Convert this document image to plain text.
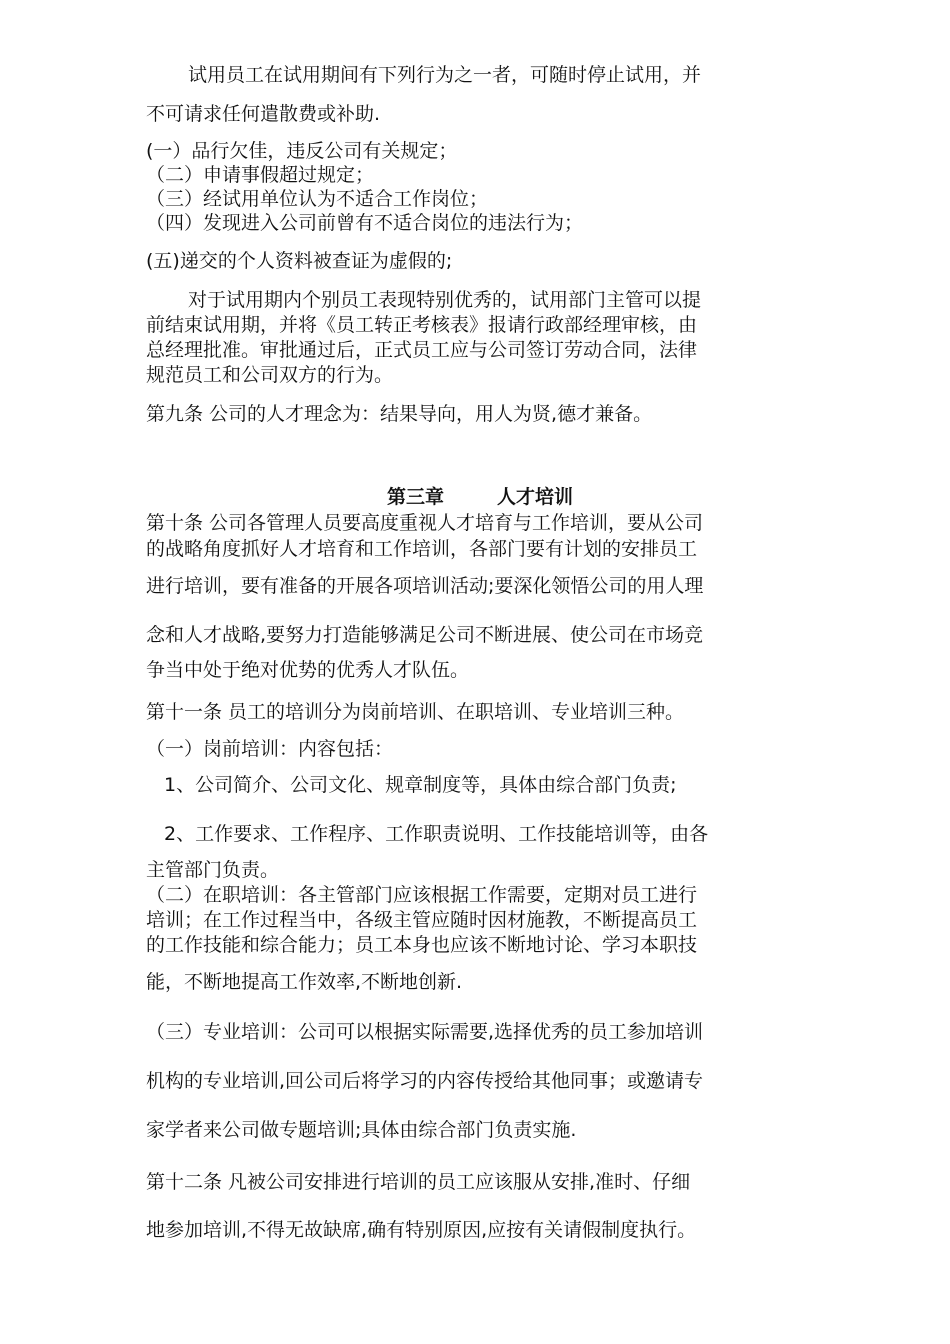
试用员工在试用期间有下列行为之一者，可随时停止试用，并
不可请求任何遣散费或补助.
(一）品行欠佳，违反公司有关规定；
（二）申请事假超过规定；
（三）经试用单位认为不适合工作岗位；
（四）发现进入公司前曾有不适合岗位的违法行为；
(五)递交的个人资料被查证为虚假的;
对于试用期内个别员工表现特别优秀的，试用部门主管可以提
前结束试用期，并将《员工转正考核表》报请行政部经理审核，由
总经理批准。审批通过后，正式员工应与公司签订劳动合同，法律
规范员工和公司双方的行为。
第九条 公司的人才理念为：结果导向，用人为贤,德才兼备。
第三章        人才培训
第十条 公司各管理人员要高度重视人才培育与工作培训，要从公司
的战略角度抓好人才培育和工作培训，各部门要有计划的安排员工
进行培训，要有准备的开展各项培训活动;要深化领悟公司的用人理
念和人才战略,要努力打造能够满足公司不断进展、使公司在市场竞
争当中处于绝对优势的优秀人才队伍。
第十一条 员工的培训分为岗前培训、在职培训、专业培训三种。
（一）岗前培训：内容包括：
1、公司简介、公司文化、规章制度等，具体由综合部门负责;
2、工作要求、工作程序、工作职责说明、工作技能培训等，由各
主管部门负责。
（二）在职培训：各主管部门应该根据工作需要，定期对员工进行
培训；在工作过程当中，各级主管应随时因材施教，不断提高员工
的工作技能和综合能力；员工本身也应该不断地讨论、学习本职技
能，不断地提高工作效率,不断地创新.
（三）专业培训：公司可以根据实际需要,选择优秀的员工参加培训
机构的专业培训,回公司后将学习的内容传授给其他同事；或邀请专
家学者来公司做专题培训;具体由综合部门负责实施.
第十二条 凡被公司安排进行培训的员工应该服从安排,准时、仔细
地参加培训,不得无故缺席,确有特别原因,应按有关请假制度执行。
